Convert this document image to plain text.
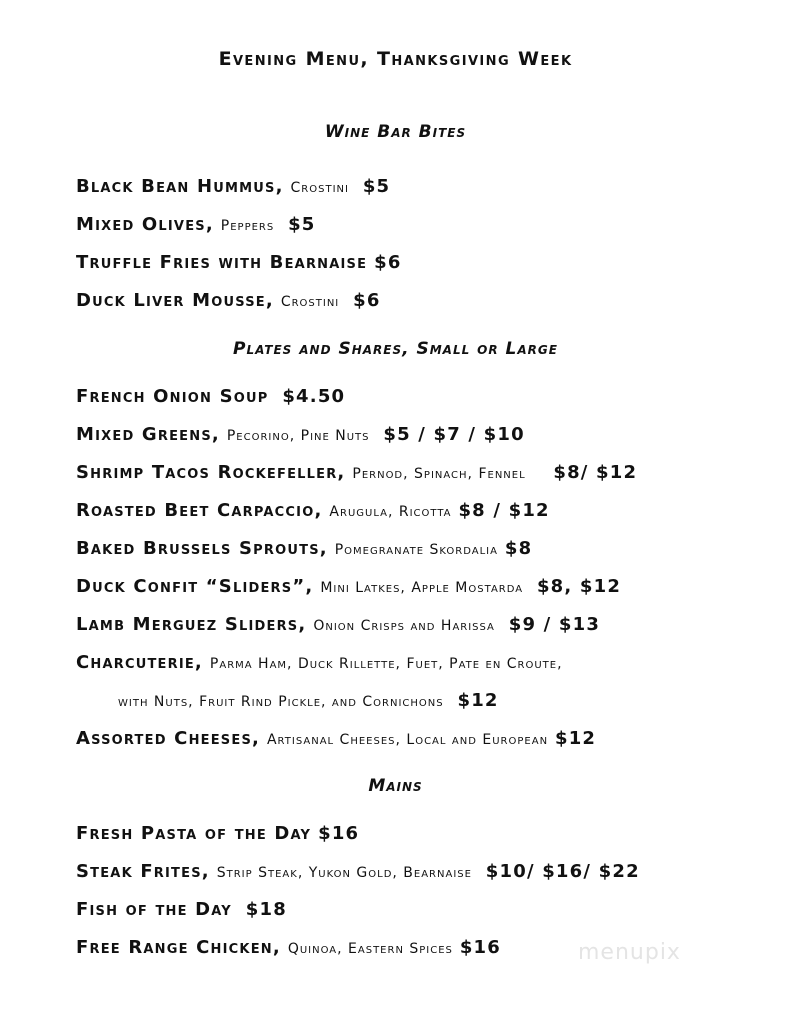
Evening Menu, Thanksgiving Week
Wine Bar Bites
Black Bean Hummus, Crostini $5
Mixed Olives, Peppers $5
Truffle Fries with Bearnaise $6
Duck Liver Mousse, Crostini $6
Plates and Shares, Small or Large
French Onion Soup $4.50
Mixed Greens, Pecorino, Pine Nuts $5 / $7 / $10
Shrimp Tacos Rockefeller, Pernod, Spinach, Fennel $8/ $12
Roasted Beet Carpaccio, Arugula, Ricotta $8 / $12
Baked Brussels Sprouts, Pomegranate Skordalia $8
Duck Confit “Sliders”, Mini Latkes, Apple Mostarda $8, $12
Lamb Merguez Sliders, Onion Crisps and Harissa $9 / $13
Charcuterie, Parma Ham, Duck Rillette, Fuet, Pate en Croute,
with Nuts, Fruit Rind Pickle, and Cornichons $12
Assorted Cheeses, Artisanal Cheeses, Local and European $12
Mains
Fresh Pasta of the Day $16
Steak Frites, Strip Steak, Yukon Gold, Bearnaise $10/ $16/ $22
Fish of the Day $18
Free Range Chicken, Quinoa, Eastern Spices $16	menupix
